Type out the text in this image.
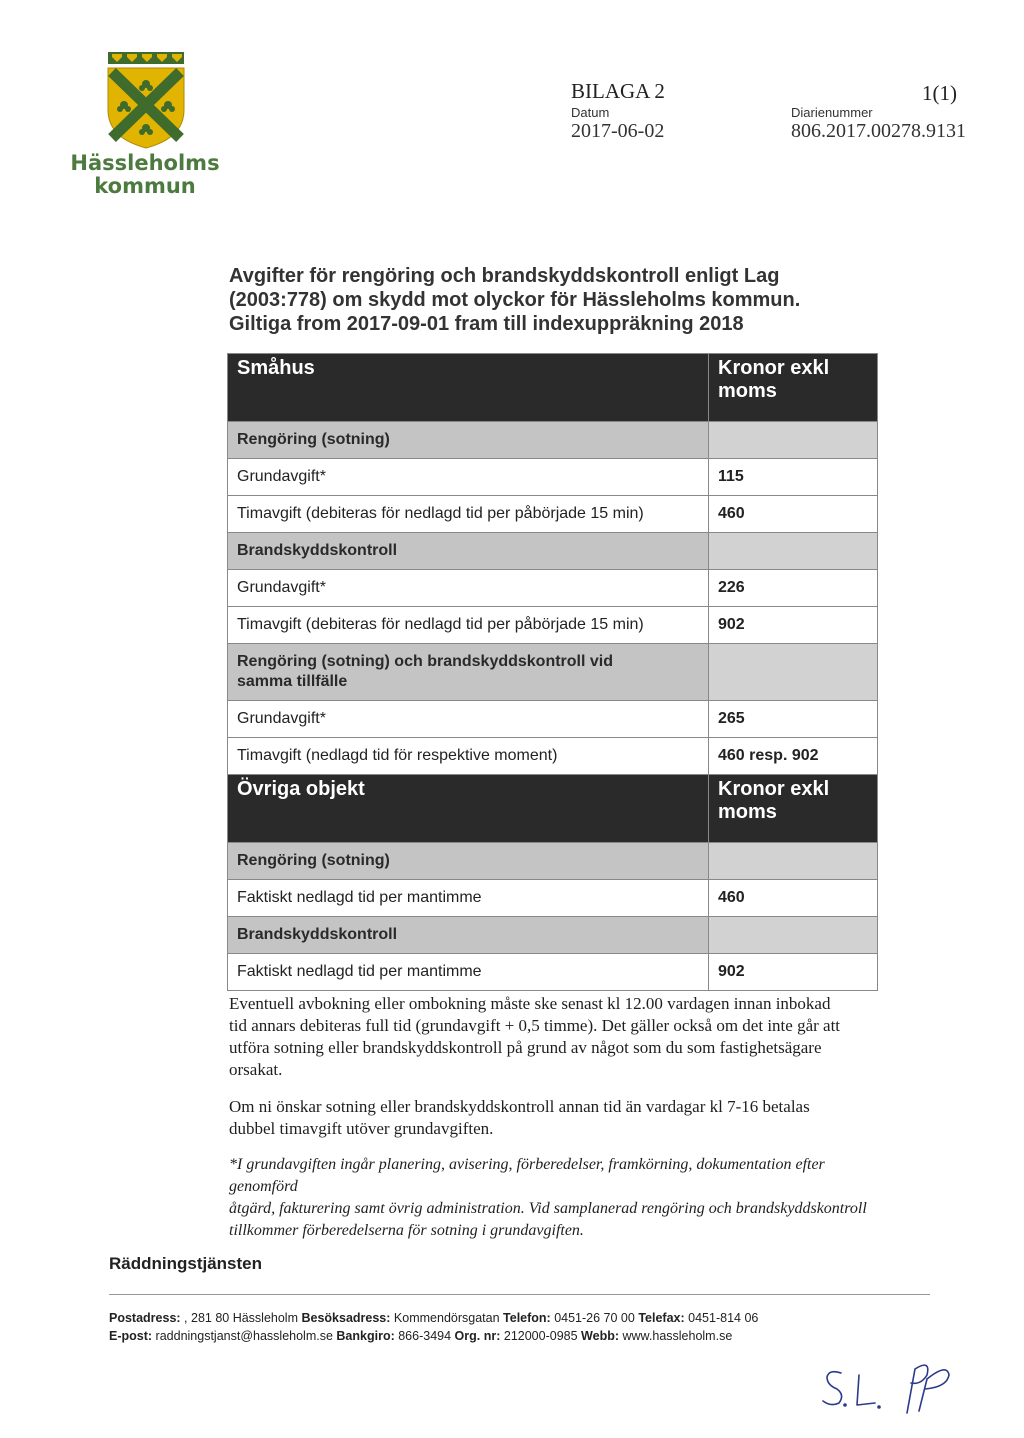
Hässleholms
kommun
BILAGA 2	1(1)
Datum	Diarienummer
2017-06-02	806.2017.00278.9131
Avgifter för rengöring och brandskyddskontroll enligt Lag
(2003:778) om skydd mot olyckor för Hässleholms kommun.
Giltiga from 2017-09-01 fram till indexuppräkning 2018
Småhus	Kronor exkl
moms

Rengöring (sotning)	
Grundavgift*	115
Timavgift (debiteras för nedlagd tid per påbörjade 15 min)	460
Brandskyddskontroll	
Grundavgift*	226
Timavgift (debiteras för nedlagd tid per påbörjade 15 min)	902

Rengöring (sotning) och brandskyddskontroll vid
samma tillfälle	

Grundavgift*	265
Timavgift (nedlagd tid för respektive moment)	460 resp. 902
Övriga objekt	Kronor exkl
moms

Rengöring (sotning)	
Faktiskt nedlagd tid per mantimme	460
Brandskyddskontroll	
Faktiskt nedlagd tid per mantimme	902
Eventuell avbokning eller ombokning måste ske senast kl 12.00 vardagen innan inbokad
tid annars debiteras full tid (grundavgift + 0,5 timme). Det gäller också om det inte går att
utföra sotning eller brandskyddskontroll på grund av något som du som fastighetsägare
orsakat.
Om ni önskar sotning eller brandskyddskontroll annan tid än vardagar kl 7-16 betalas
dubbel timavgift utöver grundavgiften.
*I grundavgiften ingår planering, avisering, förberedelser, framkörning, dokumentation efter genomförd
åtgärd, fakturering samt övrig administration. Vid samplanerad rengöring och brandskyddskontroll
tillkommer förberedelserna för sotning i grundavgiften.
Räddningstjänsten
Postadress: , 281 80 Hässleholm Besöksadress: Kommendörsgatan Telefon: 0451-26 70 00 Telefax: 0451-814 06
E-post: raddningstjanst@hassleholm.se Bankgiro: 866-3494 Org. nr: 212000-0985 Webb: www.hassleholm.se
